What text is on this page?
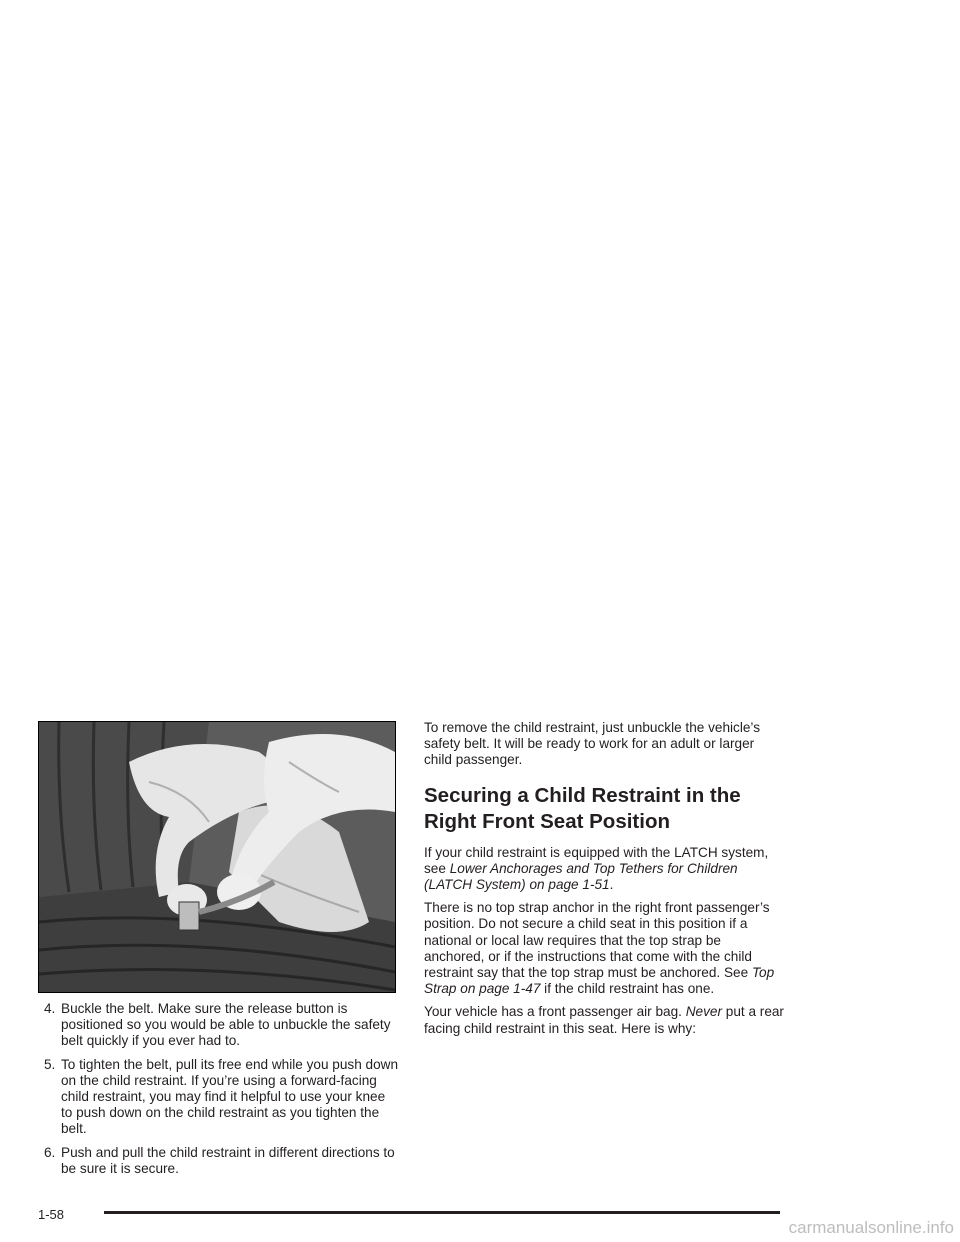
4. Buckle the belt. Make sure the release button is positioned so you would be able to unbuckle the safety belt quickly if you ever had to.
5. To tighten the belt, pull its free end while you push down on the child restraint. If you’re using a forward-facing child restraint, you may find it helpful to use your knee to push down on the child restraint as you tighten the belt.
6. Push and pull the child restraint in different directions to be sure it is secure.

To remove the child restraint, just unbuckle the vehicle’s safety belt. It will be ready to work for an adult or larger child passenger.

Securing a Child Restraint in the Right Front Seat Position

If your child restraint is equipped with the LATCH system, see Lower Anchorages and Top Tethers for Children (LATCH System) on page 1-51.

There is no top strap anchor in the right front passenger’s position. Do not secure a child seat in this position if a national or local law requires that the top strap be anchored, or if the instructions that come with the child restraint say that the top strap must be anchored. See Top Strap on page 1-47 if the child restraint has one.

Your vehicle has a front passenger air bag. Never put a rear facing child restraint in this seat. Here is why:

1-58
carmanualsonline.info
